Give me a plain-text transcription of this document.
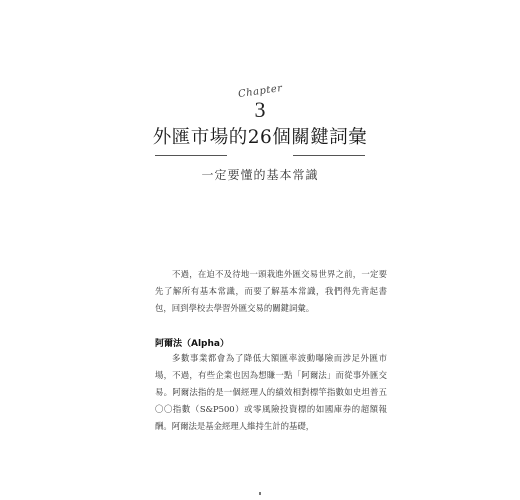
Chapter
3
外匯市場的26個關鍵詞彙
一定要懂的基本常識

不過，在迫不及待地一頭栽進外匯交易世界之前，一定要先了解所有基本常識，而要了解基本常識，我們得先背起書包，回到學校去學習外匯交易的關鍵詞彙。

阿爾法（Alpha）

多數事業都會為了降低大額匯率波動曝險而涉足外匯市場，不過，有些企業也因為想賺一點「阿爾法」而從事外匯交易。阿爾法指的是一個經理人的績效相對標竿指數如史坦普五〇〇指數（S&P500）或零風險投資標的如國庫券的超額報酬。阿爾法是基金經理人維持生計的基礎，
